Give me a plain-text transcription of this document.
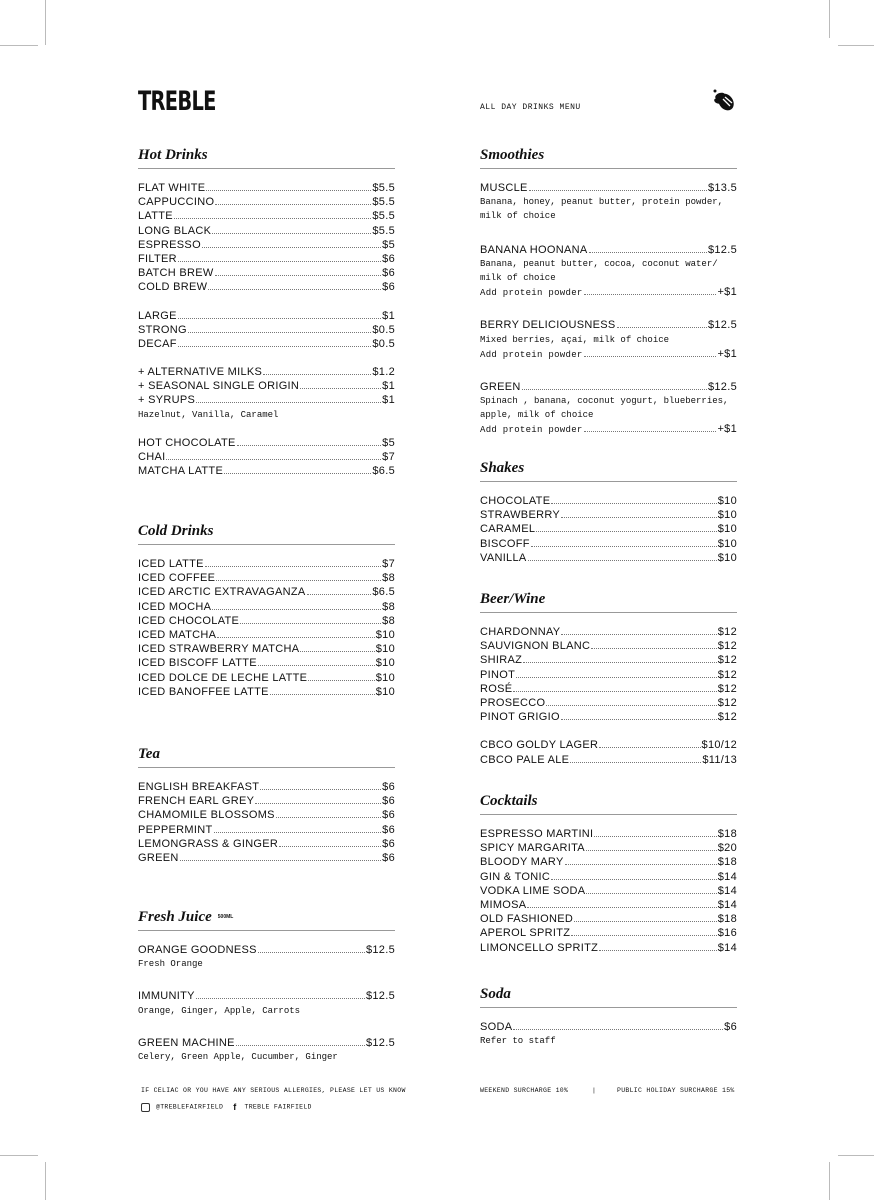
TREBLE	ALL DAY DRINKS MENU
Hot Drinks
FLAT WHITE	$5.5
CAPPUCCINO	$5.5
LATTE	$5.5
LONG BLACK	$5.5
ESPRESSO	$5
FILTER	$6
BATCH BREW	$6
COLD BREW	$6
LARGE	$1
STRONG	$0.5
DECAF	$0.5
+ ALTERNATIVE MILKS	$1.2
+ SEASONAL SINGLE ORIGIN	$1
+ SYRUPS	$1
Hazelnut, Vanilla, Caramel
HOT CHOCOLATE	$5
CHAI	$7
MATCHA LATTE	$6.5
Cold Drinks
ICED LATTE	$7
ICED COFFEE	$8
ICED ARCTIC EXTRAVAGANZA	$6.5
ICED MOCHA	$8
ICED CHOCOLATE	$8
ICED MATCHA	$10
ICED STRAWBERRY MATCHA	$10
ICED BISCOFF LATTE	$10
ICED DOLCE DE LECHE LATTE	$10
ICED BANOFFEE LATTE	$10
Tea
ENGLISH BREAKFAST	$6
FRENCH EARL GREY	$6
CHAMOMILE BLOSSOMS	$6
PEPPERMINT	$6
LEMONGRASS & GINGER	$6
GREEN	$6
Fresh Juice $^{500ML}$
ORANGE GOODNESS	$12.5
Fresh Orange
IMMUNITY	$12.5
Orange, Ginger, Apple, Carrots
GREEN MACHINE	$12.5
Celery, Green Apple, Cucumber, Ginger
Smoothies
MUSCLE	$13.5
Banana, honey, peanut butter, protein powder,
milk of choice
BANANA HOONANA	$12.5
Banana, peanut butter, cocoa, coconut water/
milk of choice
Add protein powder	+$1
BERRY DELICIOUSNESS	$12.5
Mixed berries, açaí, milk of choice
Add protein powder	+$1
GREEN	$12.5
Spinach , banana, coconut yogurt, blueberries,
apple, milk of choice
Add protein powder	+$1
Shakes
CHOCOLATE	$10
STRAWBERRY	$10
CARAMEL	$10
BISCOFF	$10
VANILLA	$10
Beer/Wine
CHARDONNAY	$12
SAUVIGNON BLANC	$12
SHIRAZ	$12
PINOT	$12
ROSÉ	$12
PROSECCO	$12
PINOT GRIGIO	$12
CBCO GOLDY LAGER	$10/12
CBCO PALE ALE	$11/13
Cocktails
ESPRESSO MARTINI	$18
SPICY MARGARITA	$20
BLOODY MARY	$18
GIN & TONIC	$14
VODKA LIME SODA	$14
MIMOSA	$14
OLD FASHIONED	$18
APEROL SPRITZ	$16
LIMONCELLO SPRITZ	$14
Soda
SODA	$6
Refer to staff
IF CELIAC OR YOU HAVE ANY SERIOUS ALLERGIES, PLEASE LET US KNOW
@TREBLEFAIRFIELD f TREBLE FAIRFIELD
WEEKEND SURCHARGE 10%	|	PUBLIC HOLIDAY SURCHARGE 15%
